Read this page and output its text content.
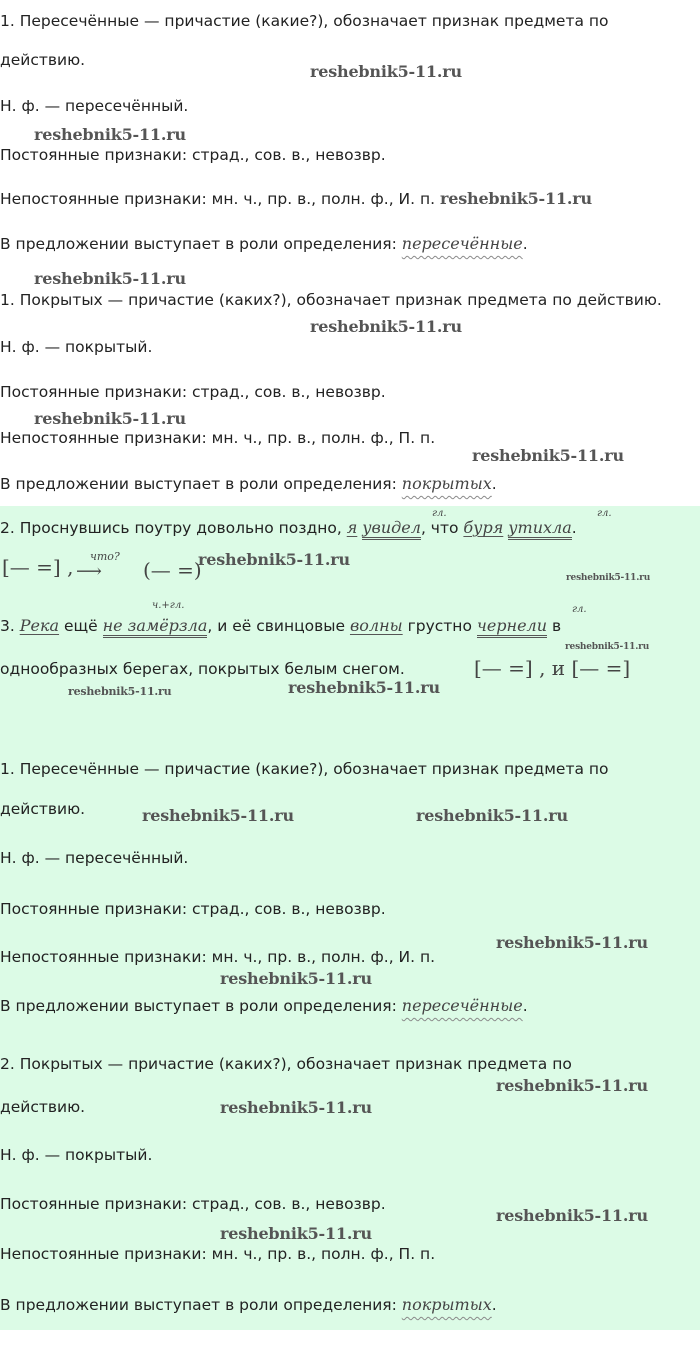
1. Пересечённые — причастие (какие?), обозначает признак предмета по
действию.
Н. ф. — пересечённый.
Постоянные признаки: страд., сов. в., невозвр.
Непостоянные признаки: мн. ч., пр. в., полн. ф., И. п.
В предложении выступает в роли определения: пересечённые.
1. Покрытых — причастие (каких?), обозначает признак предмета по действию.
Н. ф. — покрытый.
Постоянные признаки: страд., сов. в., невозвр.
Непостоянные признаки: мн. ч., пр. в., полн. ф., П. п.
В предложении выступает в роли определения: покрытых.
2. Проснувшись поутру довольно поздно, я увидел, что буря утихла.
гл.	гл.
[— =] , что?
⟶ (— =)
3. Река ещё не замёрзла, и её свинцовые волны грустно чернели в
ч.+гл.	гл.
однообразных берегах, покрытых белым снегом.	[— =] , и [— =]
1. Пересечённые — причастие (какие?), обозначает признак предмета по
действию.
Н. ф. — пересечённый.
Постоянные признаки: страд., сов. в., невозвр.
Непостоянные признаки: мн. ч., пр. в., полн. ф., И. п.
В предложении выступает в роли определения: пересечённые.
2. Покрытых — причастие (каких?), обозначает признак предмета по
действию.
Н. ф. — покрытый.
Постоянные признаки: страд., сов. в., невозвр.
Непостоянные признаки: мн. ч., пр. в., полн. ф., П. п.
В предложении выступает в роли определения: покрытых.
reshebnik5-11.ru
reshebnik5-11.ru
reshebnik5-11.ru
reshebnik5-11.ru
reshebnik5-11.ru
reshebnik5-11.ru
reshebnik5-11.ru
reshebnik5-11.ru
reshebnik5-11.ru
reshebnik5-11.ru
reshebnik5-11.ru	reshebnik5-11.ru
reshebnik5-11.ru	reshebnik5-11.ru
reshebnik5-11.ru
reshebnik5-11.ru
reshebnik5-11.ru
reshebnik5-11.ru
reshebnik5-11.ru
reshebnik5-11.ru
